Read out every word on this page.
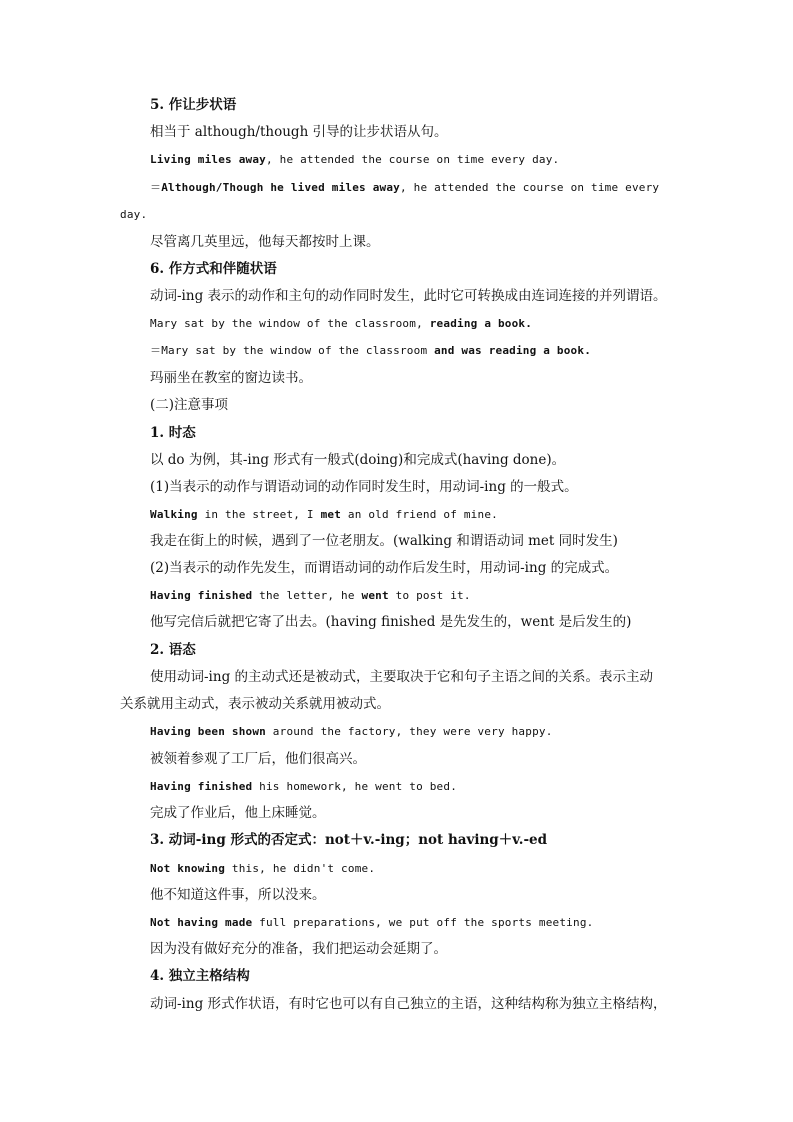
5. 作让步状语
相当于 although/though 引导的让步状语从句。
Living miles away, he attended the course on time every day.
＝Although/Though he lived miles away, he attended the course on time every
day.
尽管离几英里远，他每天都按时上课。
6. 作方式和伴随状语
动词-ing 表示的动作和主句的动作同时发生，此时它可转换成由连词连接的并列谓语。
Mary sat by the window of the classroom, reading a book.
＝Mary sat by the window of the classroom and was reading a book.
玛丽坐在教室的窗边读书。
(二)注意事项
1. 时态
以 do 为例，其-ing 形式有一般式(doing)和完成式(having done)。
(1)当表示的动作与谓语动词的动作同时发生时，用动词-ing 的一般式。
Walking in the street, I met an old friend of mine.
我走在街上的时候，遇到了一位老朋友。(walking 和谓语动词 met 同时发生)
(2)当表示的动作先发生，而谓语动词的动作后发生时，用动词-ing 的完成式。
Having finished the letter, he went to post it.
他写完信后就把它寄了出去。(having finished 是先发生的，went 是后发生的)
2. 语态
使用动词-ing 的主动式还是被动式，主要取决于它和句子主语之间的关系。表示主动
关系就用主动式，表示被动关系就用被动式。
Having been shown around the factory, they were very happy.
被领着参观了工厂后，他们很高兴。
Having finished his homework, he went to bed.
完成了作业后，他上床睡觉。
3. 动词-ing 形式的否定式：not＋v.-ing；not having＋v.-ed
Not knowing this, he didn't come.
他不知道这件事，所以没来。
Not having made full preparations, we put off the sports meeting.
因为没有做好充分的准备，我们把运动会延期了。
4. 独立主格结构
动词-ing 形式作状语，有时它也可以有自己独立的主语，这种结构称为独立主格结构，
